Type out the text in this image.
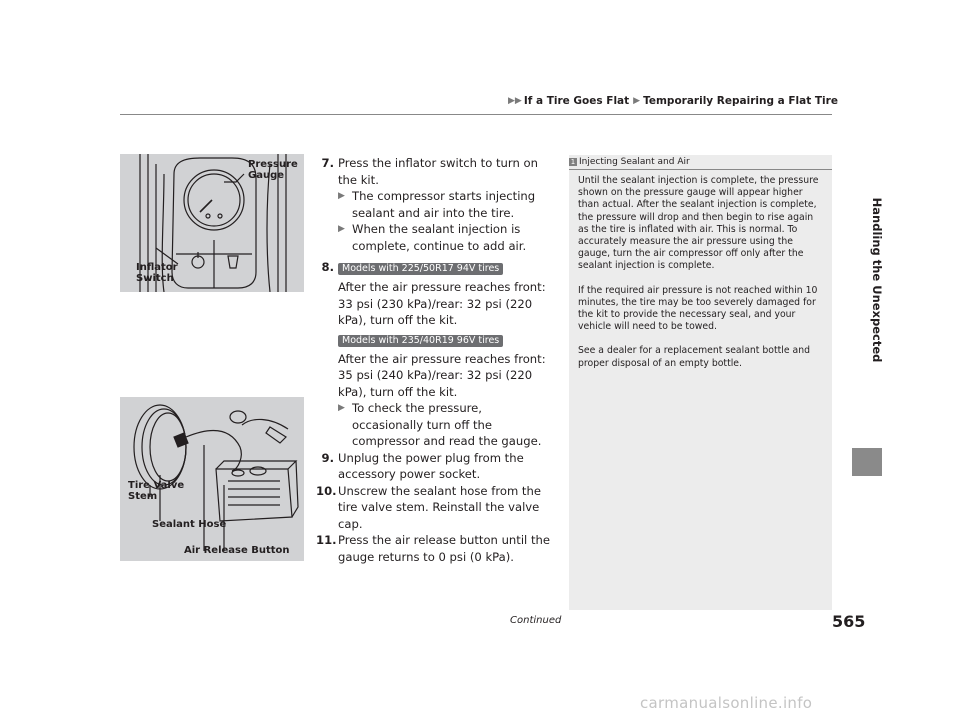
▶▶ If a Tire Goes Flat ▶ Temporarily Repairing a Flat Tire
Handling the Unexpected
Pressure
Gauge
Inflator
Switch
Tire Valve
Stem
Sealant Hose
Air Release Button
7. Press the inflator switch to turn on the kit.
▶ The compressor starts injecting sealant and air into the tire.
▶ When the sealant injection is complete, continue to add air.
8. Models with 225/50R17 94V tires
After the air pressure reaches front: 33 psi (230 kPa)/rear: 32 psi (220 kPa), turn off the kit.
Models with 235/40R19 96V tires
After the air pressure reaches front: 35 psi (240 kPa)/rear: 32 psi (220 kPa), turn off the kit.
▶ To check the pressure, occasionally turn off the compressor and read the gauge.
9. Unplug the power plug from the accessory power socket.
10. Unscrew the sealant hose from the tire valve stem. Reinstall the valve cap.
11. Press the air release button until the gauge returns to 0 psi (0 kPa).
1 Injecting Sealant and Air

Until the sealant injection is complete, the pressure shown on the pressure gauge will appear higher than actual. After the sealant injection is complete, the pressure will drop and then begin to rise again as the tire is inflated with air. This is normal. To accurately measure the air pressure using the gauge, turn the air compressor off only after the sealant injection is complete.

If the required air pressure is not reached within 10 minutes, the tire may be too severely damaged for the kit to provide the necessary seal, and your vehicle will need to be towed.

See a dealer for a replacement sealant bottle and proper disposal of an empty bottle.

Continued	565
carmanualsonline.info
